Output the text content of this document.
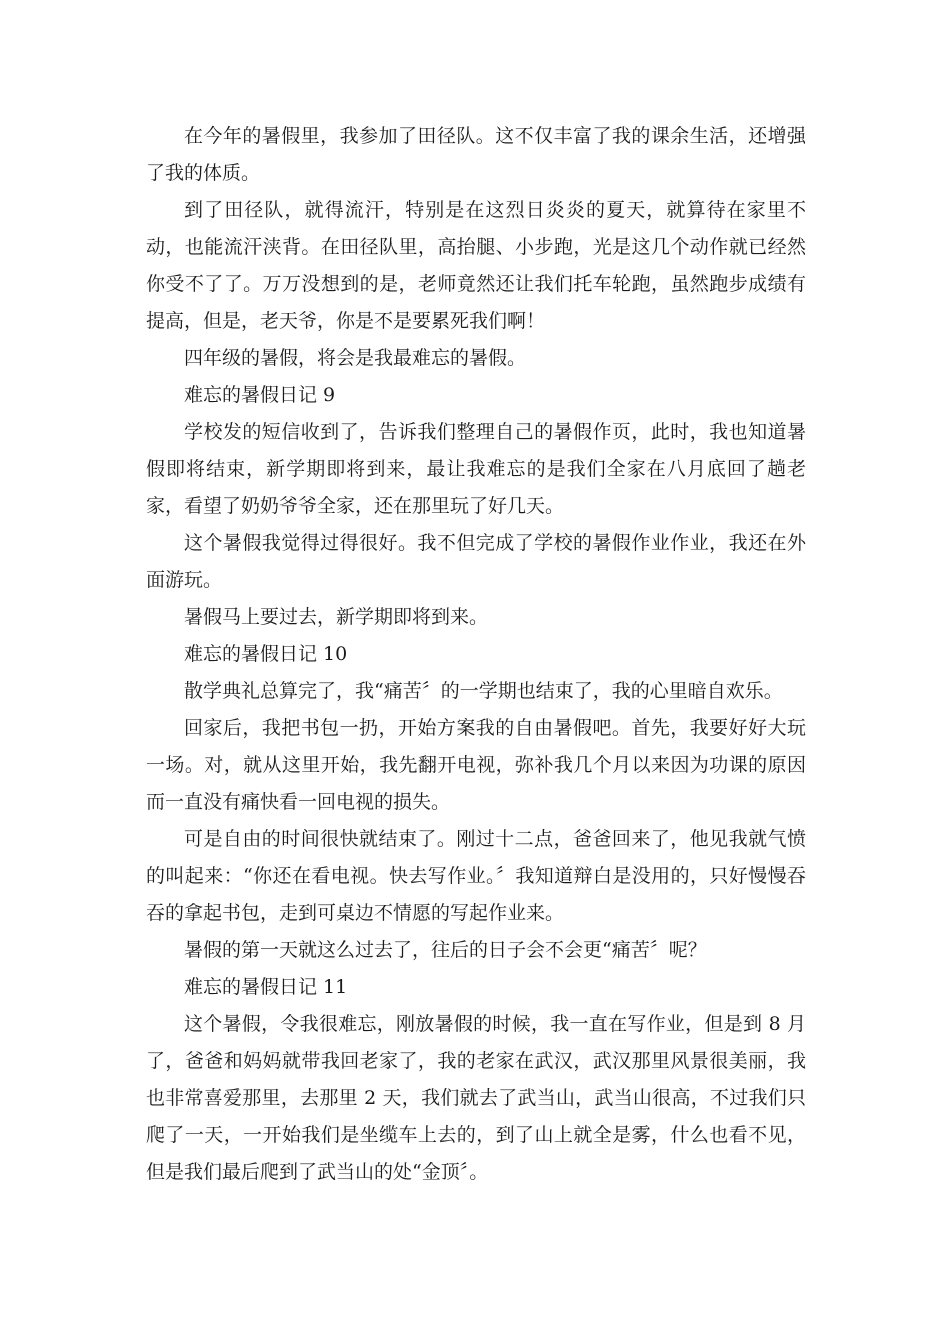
在今年的暑假里，我参加了田径队。这不仅丰富了我的课余生活，还增强了我的体质。

到了田径队，就得流汗，特别是在这烈日炎炎的夏天，就算待在家里不动，也能流汗浃背。在田径队里，高抬腿、小步跑，光是这几个动作就已经然你受不了了。万万没想到的是，老师竟然还让我们托车轮跑，虽然跑步成绩有提高，但是，老天爷，你是不是要累死我们啊！

四年级的暑假，将会是我最难忘的暑假。

难忘的暑假日记 9

学校发的短信收到了，告诉我们整理自己的暑假作页，此时，我也知道暑假即将结束，新学期即将到来，最让我难忘的是我们全家在八月底回了趟老家，看望了奶奶爷爷全家，还在那里玩了好几天。

这个暑假我觉得过得很好。我不但完成了学校的暑假作业作业，我还在外面游玩。

暑假马上要过去，新学期即将到来。

难忘的暑假日记 10

散学典礼总算完了，我“痛苦〞的一学期也结束了，我的心里暗自欢乐。

回家后，我把书包一扔，开始方案我的自由暑假吧。首先，我要好好大玩一场。对，就从这里开始，我先翻开电视，弥补我几个月以来因为功课的原因而一直没有痛快看一回电视的损失。

可是自由的时间很快就结束了。刚过十二点，爸爸回来了，他见我就气愤的叫起来：“你还在看电视。快去写作业。〞我知道辩白是没用的，只好慢慢吞吞的拿起书包，走到可桌边不情愿的写起作业来。

暑假的第一天就这么过去了，往后的日子会不会更“痛苦〞呢？

难忘的暑假日记 11

这个暑假，令我很难忘，刚放暑假的时候，我一直在写作业，但是到 8 月了，爸爸和妈妈就带我回老家了，我的老家在武汉，武汉那里风景很美丽，我也非常喜爱那里，去那里 2 天，我们就去了武当山，武当山很高，不过我们只爬了一天，一开始我们是坐缆车上去的，到了山上就全是雾，什么也看不见，但是我们最后爬到了武当山的处“金顶〞。
